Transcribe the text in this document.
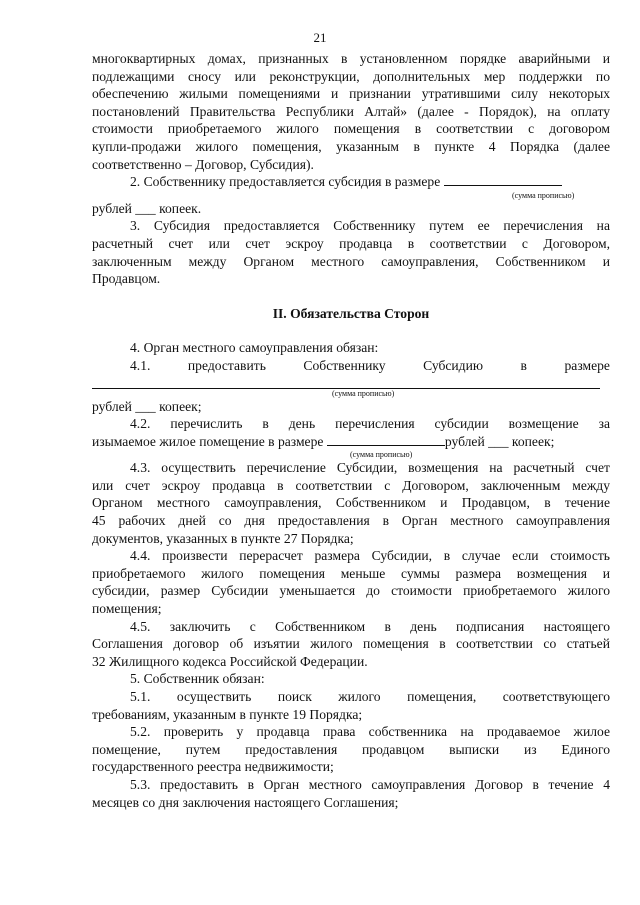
21
многоквартирных домах, признанных в установленном порядке аварийными и
подлежащими сносу или реконструкции, дополнительных мер поддержки по
обеспечению жилыми помещениями и признании утратившими силу некоторых
постановлений Правительства Республики Алтай» (далее - Порядок), на оплату
стоимости приобретаемого жилого помещения в соответствии с договором
купли-продажи жилого помещения, указанным в пункте 4 Порядка (далее
соответственно – Договор, Субсидия).
2. Собственнику предоставляется субсидия в размере
(сумма прописью)
рублей ___ копеек.
3. Субсидия предоставляется Собственнику путем ее перечисления на
расчетный счет или счет эскроу продавца в соответствии с Договором,
заключенным между Органом местного самоуправления, Собственником и
Продавцом.
II. Обязательства Сторон
4. Орган местного самоуправления обязан:
4.1.	предоставить	Собственнику	Субсидию	в	размере
(сумма прописью)
рублей ___ копеек;
4.2. перечислить в день перечисления субсидии возмещение за
изымаемое жилое помещение в размере	рублей ___ копеек;
(сумма прописью)
4.3. осуществить перечисление Субсидии, возмещения на расчетный счет
или счет эскроу продавца в соответствии с Договором, заключенным между
Органом местного самоуправления, Собственником и Продавцом, в течение
45 рабочих дней со дня предоставления в Орган местного самоуправления
документов, указанных в пункте 27 Порядка;
4.4. произвести перерасчет размера Субсидии, в случае если стоимость
приобретаемого жилого помещения меньше суммы размера возмещения и
субсидии, размер Субсидии уменьшается до стоимости приобретаемого жилого
помещения;
4.5. заключить с Собственником в день подписания настоящего
Соглашения договор об изъятии жилого помещения в соответствии со статьей
32 Жилищного кодекса Российской Федерации.
5. Собственник обязан:
5.1. осуществить поиск жилого помещения, соответствующего
требованиям, указанным в пункте 19 Порядка;
5.2. проверить у продавца права собственника на продаваемое жилое
помещение, путем предоставления продавцом выписки из Единого
государственного реестра недвижимости;
5.3. предоставить в Орган местного самоуправления Договор в течение 4
месяцев со дня заключения настоящего Соглашения;
